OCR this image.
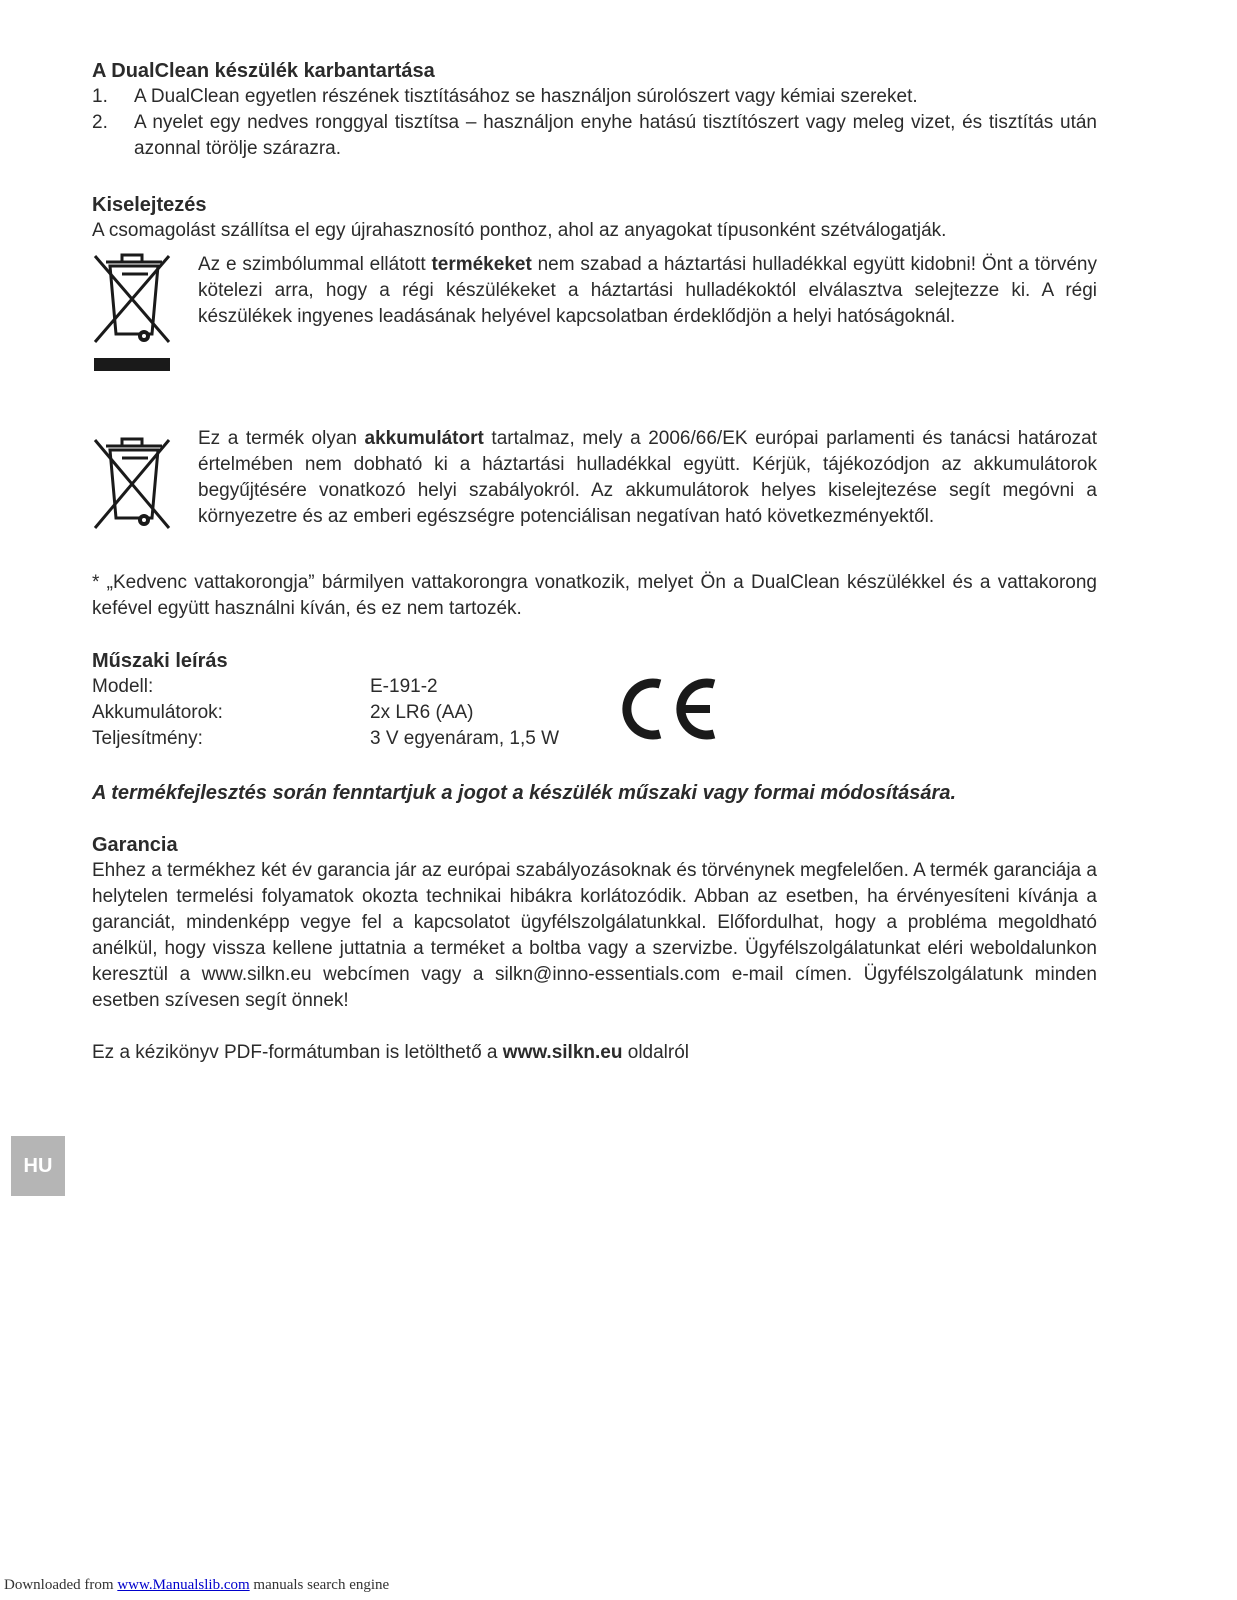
A DualClean készülék karbantartása
1.	A DualClean egyetlen részének tisztításához se használjon súrolószert vagy kémiai szereket.
2.	A nyelet egy nedves ronggyal tisztítsa – használjon enyhe hatású tisztítószert vagy meleg vizet, és tisztítás után azonnal törölje szárazra.
Kiselejtezés

A csomagolást szállítsa el egy újrahasznosító ponthoz, ahol az anyagokat típusonként szétválogatják.

Az e szimbólummal ellátott termékeket nem szabad a háztartási hulladékkal együtt kidobni! Önt a törvény kötelezi arra, hogy a régi készülékeket a háztartási hulladékoktól elválasztva selejtezze ki. A régi készülékek ingyenes leadásának helyével kapcsolatban érdeklődjön a helyi hatóságoknál.

Ez a termék olyan akkumulátort tartalmaz, mely a 2006/66/EK európai parlamenti és tanácsi határozat értelmében nem dobható ki a háztartási hulladékkal együtt. Kérjük, tájékozódjon az akkumulátorok begyűjtésére vonatkozó helyi szabályokról. Az akkumulátorok helyes kiselejtezése segít megóvni a környezetre és az emberi egészségre potenciálisan negatívan ható következményektől.

* „Kedvenc vattakorongja” bármilyen vattakorongra vonatkozik, melyet Ön a DualClean készülékkel és a vattakorong kefével együtt használni kíván, és ez nem tartozék.

Műszaki leírás
Modell:	E-191-2
Akkumulátorok:	2x LR6 (AA)
Teljesítmény:	3 V egyenáram, 1,5 W

A termékfejlesztés során fenntartjuk a jogot a készülék műszaki vagy formai módosítására.

Garancia

Ehhez a termékhez két év garancia jár az európai szabályozásoknak és törvénynek megfelelően. A termék garanciája a helytelen termelési folyamatok okozta technikai hibákra korlátozódik. Abban az esetben, ha érvényesíteni kívánja a garanciát, mindenképp vegye fel a kapcsolatot ügyfélszolgálatunkkal. Előfordulhat, hogy a probléma megoldható anélkül, hogy vissza kellene juttatnia a terméket a boltba vagy a szervizbe. Ügyfélszolgálatunkat eléri weboldalunkon keresztül a www.silkn.eu webcímen vagy a silkn@inno-essentials.com e-mail címen. Ügyfélszolgálatunk minden esetben szívesen segít önnek!

Ez a kézikönyv PDF-formátumban is letölthető a www.silkn.eu oldalról

HU
Downloaded from www.Manualslib.com manuals search engine
